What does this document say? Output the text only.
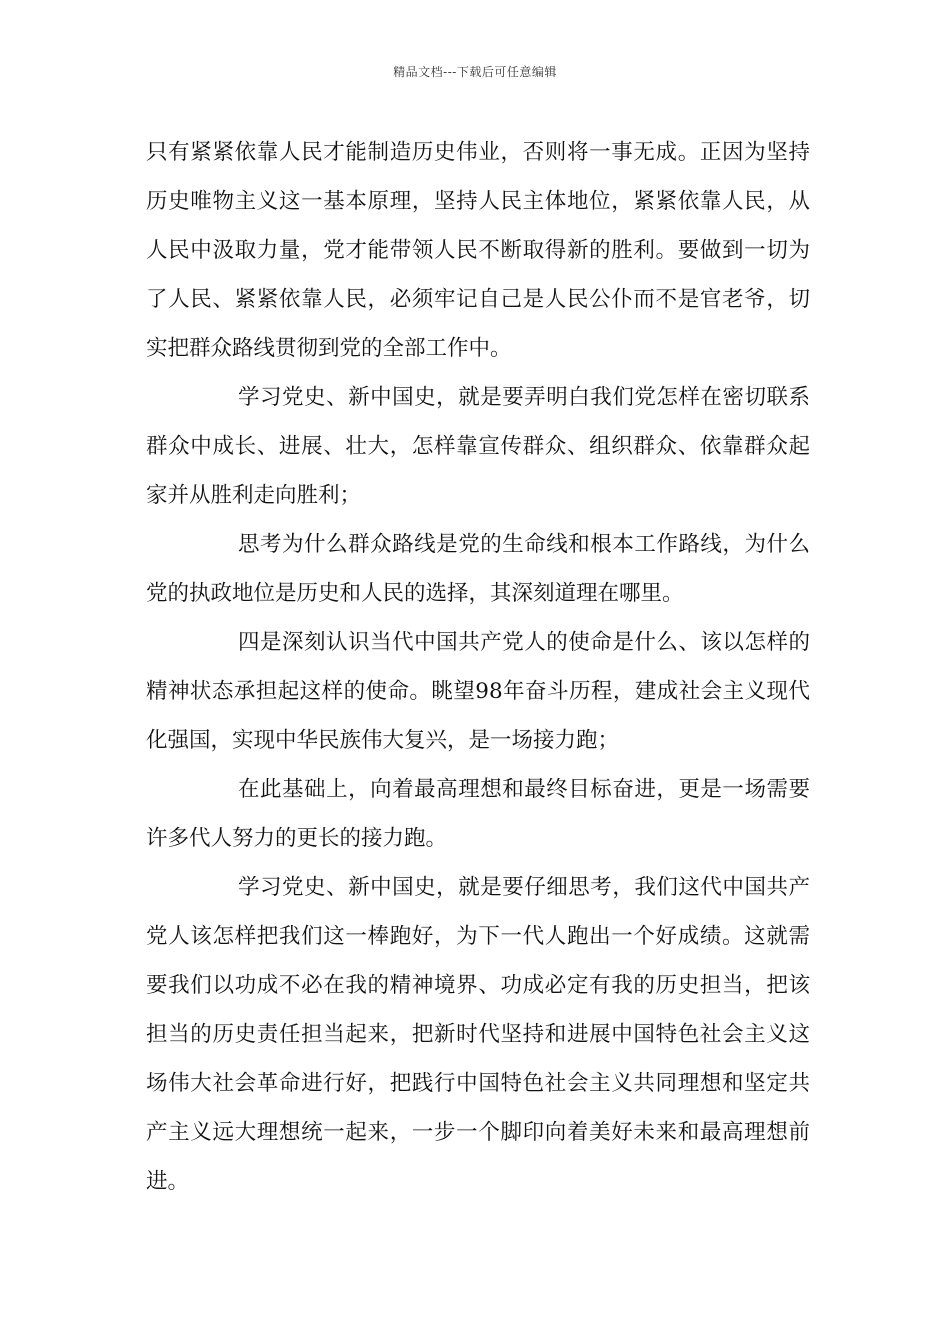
精品文档---下载后可任意编辑

只有紧紧依靠人民才能制造历史伟业，否则将一事无成。正因为坚持历史唯物主义这一基本原理，坚持人民主体地位，紧紧依靠人民，从人民中汲取力量，党才能带领人民不断取得新的胜利。要做到一切为了人民、紧紧依靠人民，必须牢记自己是人民公仆而不是官老爷，切实把群众路线贯彻到党的全部工作中。

学习党史、新中国史，就是要弄明白我们党怎样在密切联系群众中成长、进展、壮大，怎样靠宣传群众、组织群众、依靠群众起家并从胜利走向胜利；

思考为什么群众路线是党的生命线和根本工作路线，为什么党的执政地位是历史和人民的选择，其深刻道理在哪里。

四是深刻认识当代中国共产党人的使命是什么、该以怎样的精神状态承担起这样的使命。眺望98年奋斗历程，建成社会主义现代化强国，实现中华民族伟大复兴，是一场接力跑；

在此基础上，向着最高理想和最终目标奋进，更是一场需要许多代人努力的更长的接力跑。

学习党史、新中国史，就是要仔细思考，我们这代中国共产党人该怎样把我们这一棒跑好，为下一代人跑出一个好成绩。这就需要我们以功成不必在我的精神境界、功成必定有我的历史担当，把该担当的历史责任担当起来，把新时代坚持和进展中国特色社会主义这场伟大社会革命进行好，把践行中国特色社会主义共同理想和坚定共产主义远大理想统一起来，一步一个脚印向着美好未来和最高理想前进。
